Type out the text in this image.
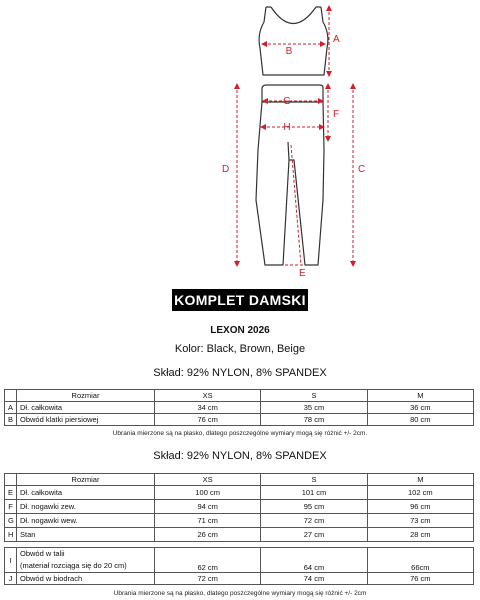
A
B
C
D
E
F
G
H
KOMPLET DAMSKI
LEXON 2026
Kolor: Black, Brown, Beige
Skład: 92% NYLON, 8% SPANDEX
	Rozmiar	XS	S	M
A	Dł. całkowita	34 cm	35 cm	36 cm
B	Obwód klatki piersiowej	76 cm	78 cm	80 cm
Ubrania mierzone są na płasko, dlatego poszczególne wymiary mogą się różnić +/- 2cm.
Skład: 92% NYLON, 8% SPANDEX
	Rozmiar	XS	S	M
E	Dł. całkowita	100 cm	101 cm	102 cm
F	Dł. nogawki zew.	94 cm	95 cm	96 cm
G	Dł. nogawki wew.	71 cm	72 cm	73 cm
H	Stan	26 cm	27 cm	28 cm

I	Obwód w talii
(materiał rozciąga się do 20 cm)	62 cm	64 cm	66cm
J	Obwód w biodrach	72 cm	74 cm	76 cm
Ubrania mierzone są na płasko, dlatego poszczególne wymiary mogą się różnić +/- 2cm
